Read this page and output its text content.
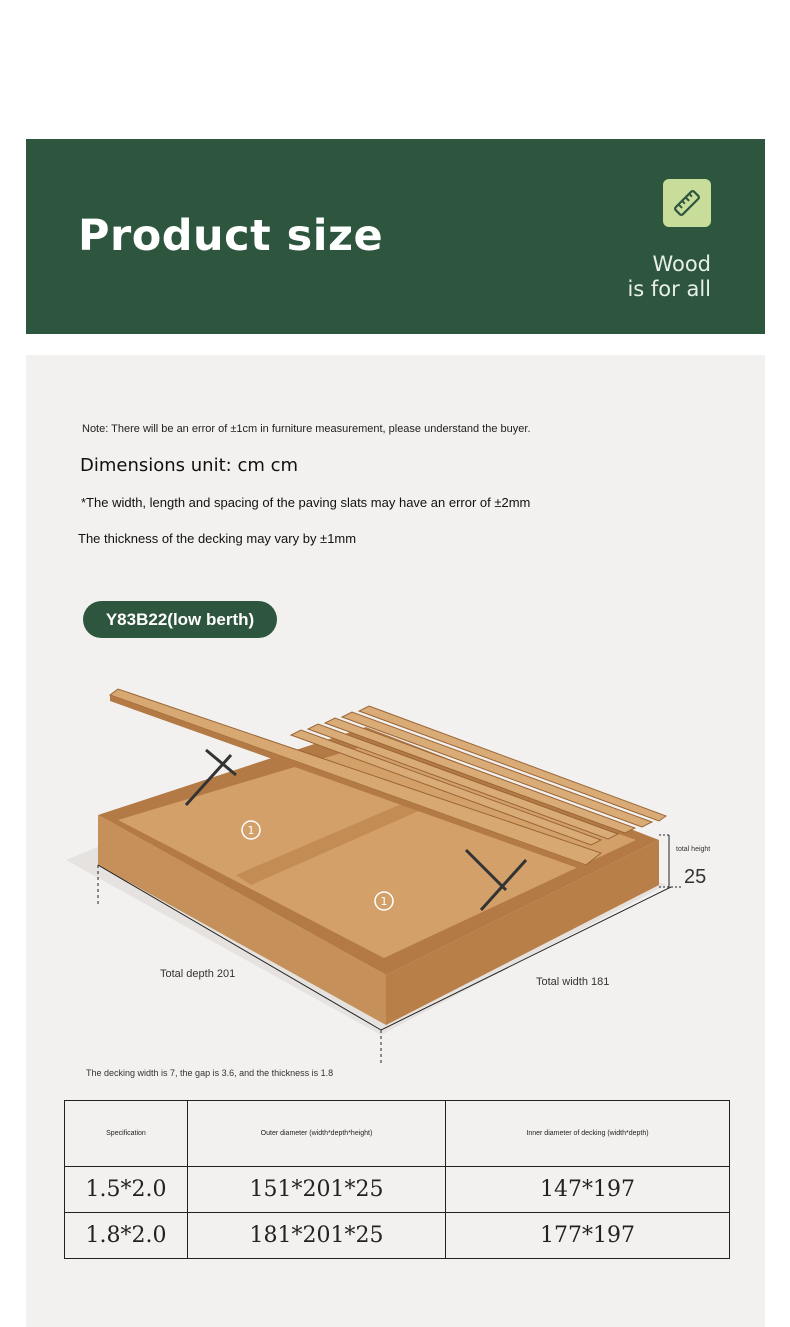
Product size
Wood
is for all
Note: There will be an error of ±1cm in furniture measurement, please understand the buyer.
Dimensions unit: cm cm
*The width, length and spacing of the paving slats may have an error of ±2mm
The thickness of the decking may vary by ±1mm
Y83B22(low berth)
1
1
total height
25
Total depth 201
Total width 181
The decking width is 7, the gap is 3.6, and the thickness is 1.8
Specification	Outer diameter (width*depth*height)	Inner diameter of decking (width*depth)
1.5*2.0	151*201*25	147*197
1.8*2.0	181*201*25	177*197
